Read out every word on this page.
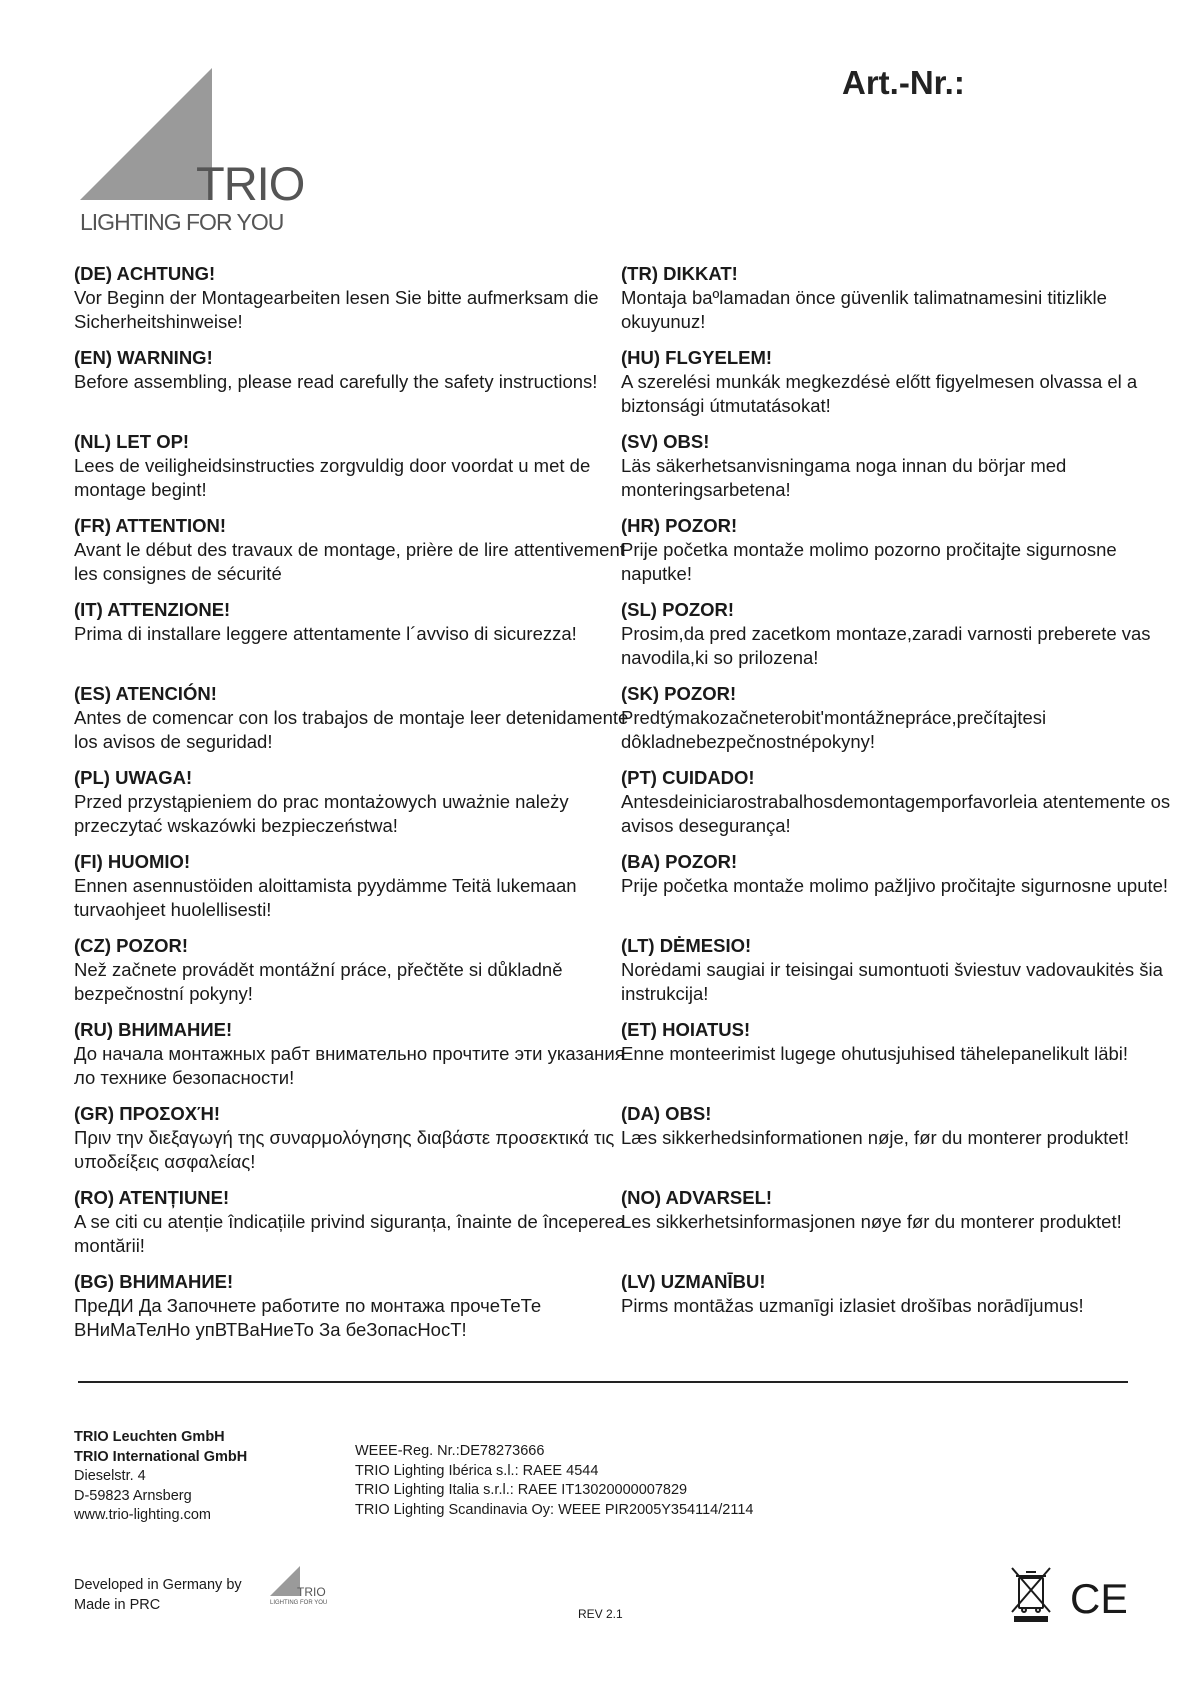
TRIO
LIGHTING FOR YOU
Art.-Nr.:
(DE) ACHTUNG!
Vor Beginn der Montagearbeiten lesen Sie bitte aufmerksam die Sicherheitshinweise!
(EN) WARNING!
Before assembling, please read carefully the safety instructions!
(NL) LET OP!
Lees de veiligheidsinstructies zorgvuldig door voordat u met de montage begint!
(FR) ATTENTION!
Avant le début des travaux de montage, prière de lire attentivement les consignes de sécurité
(IT) ATTENZIONE!
Prima di installare leggere attentamente l´avviso di sicurezza!
(ES) ATENCIÓN!
Antes de comencar con los trabajos de montaje leer detenidamente los avisos de seguridad!
(PL) UWAGA!
Przed przystąpieniem do prac montażowych uważnie należy przeczytać wskazówki bezpieczeństwa!
(FI) HUOMIO!
Ennen asennustöiden aloittamista pyydämme Teitä lukemaan turvaohjeet huolellisesti!
(CZ) POZOR!
Než začnete provádět montážní práce, přečtěte si důkladně bezpečnostní pokyny!
(RU) ВНИМАНИЕ!
До начала монтажных рабт внимательно прочтите эти указания ло технике безопасности!
(GR) ΠΡΟΣΟΧΉ!
Πριν την διεξαγωγή της συναρμολόγησης διαβάστε προσεκτικά τις υποδείξεις ασφαλείας!
(RO) ATENȚIUNE!
A se citi cu atenție îndicațiile privind siguranța, înainte de începerea montării!
(BG) ВНИМАНИЕ!
ПреДИ Да Започнете работите по монтажа прочеТеТе ВНиМаТелНо упВТВаНиеТо За беЗопасНосТ!
(TR) DIKKAT!
Montaja baºlamadan önce güvenlik talimatnamesini titizlikle okuyunuz!
(HU) FLGYELEM!
A szerelési munkák megkezdésė előtt figyelmesen olvassa el a biztonsági útmutatásokat!
(SV) OBS!
Läs säkerhetsanvisningama noga innan du börjar med monteringsarbetena!
(HR) POZOR!
Prije početka montaže molimo pozorno pročitajte sigurnosne naputke!
(SL) POZOR!
Prosim,da pred zacetkom montaze,zaradi varnosti preberete vas navodila,ki so prilozena!
(SK) POZOR!
Predtýmakozačneterobit'montážnepráce,prečítajtesi dôkladnebezpečnostnépokyny!
(PT) CUIDADO!
Antesdeiniciarostrabalhosdemontagemporfavorleia atentemente os avisos desegurança!
(BA) POZOR!
Prije početka montaže molimo pažljivo pročitajte sigurnosne upute!
(LT) DĖMESIO!
Norėdami saugiai ir teisingai sumontuoti šviestuv vadovaukitės šia instrukcija!
(ET) HOIATUS!
Enne monteerimist lugege ohutusjuhised tähelepanelikult läbi!
(DA) OBS!
Læs sikkerhedsinformationen nøje, før du monterer produktet!
(NO) ADVARSEL!
Les sikkerhetsinformasjonen nøye før du monterer produktet!
(LV) UZMANĪBU!
Pirms montāžas uzmanīgi izlasiet drošības norādījumus!
TRIO Leuchten GmbH
TRIO International GmbH
Dieselstr. 4
D-59823 Arnsberg
www.trio-lighting.com
WEEE-Reg. Nr.:DE78273666
TRIO Lighting Ibérica s.l.: RAEE 4544
TRIO Lighting Italia s.r.l.: RAEE IT13020000007829
TRIO Lighting Scandinavia Oy: WEEE PIR2005Y354114/2114
Developed in Germany by
Made in PRC
TRIO
LIGHTING FOR YOU
REV 2.1	CE
